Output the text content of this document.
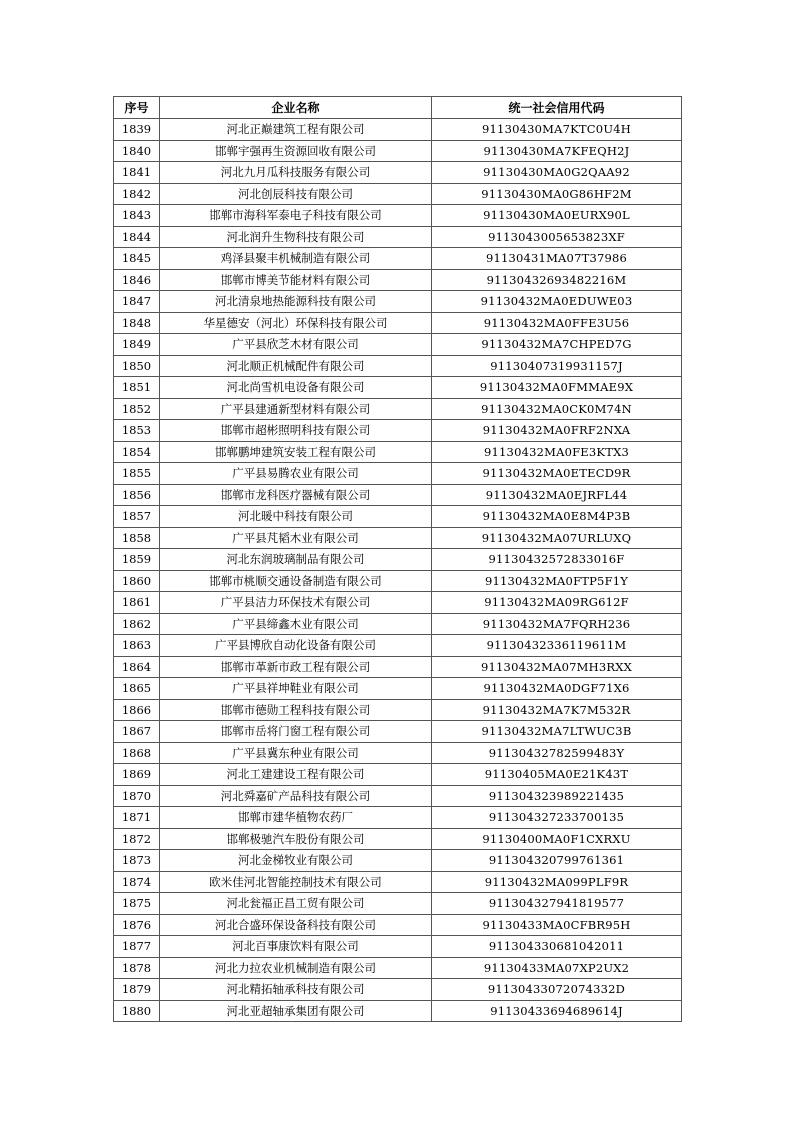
序号	企业名称	统一社会信用代码
1839	河北正巅建筑工程有限公司	91130430MA7KTC0U4H
1840	邯郸宇强再生资源回收有限公司	91130430MA7KFEQH2J
1841	河北九月瓜科技服务有限公司	91130430MA0G2QAA92
1842	河北创辰科技有限公司	91130430MA0G86HF2M
1843	邯郸市海科军泰电子科技有限公司	91130430MA0EURX90L
1844	河北润升生物科技有限公司	9113043005653823XF
1845	鸡泽县聚丰机械制造有限公司	91130431MA07T37986
1846	邯郸市博美节能材料有限公司	91130432693482216M
1847	河北清泉地热能源科技有限公司	91130432MA0EDUWE03
1848	华星德安（河北）环保科技有限公司	91130432MA0FFE3U56
1849	广平县欣芝木材有限公司	91130432MA7CHPED7G
1850	河北顺正机械配件有限公司	91130407319931157J
1851	河北尚雪机电设备有限公司	91130432MA0FMMAE9X
1852	广平县建通新型材料有限公司	91130432MA0CK0M74N
1853	邯郸市超彬照明科技有限公司	91130432MA0FRF2NXA
1854	邯郸鹏坤建筑安装工程有限公司	91130432MA0FE3KTX3
1855	广平县易腾农业有限公司	91130432MA0ETECD9R
1856	邯郸市龙科医疗器械有限公司	91130432MA0EJRFL44
1857	河北暖中科技有限公司	91130432MA0E8M4P3B
1858	广平县芃韬木业有限公司	91130432MA07URLUXQ
1859	河北东润玻璃制品有限公司	91130432572833016F
1860	邯郸市桃顺交通设备制造有限公司	91130432MA0FTP5F1Y
1861	广平县洁力环保技术有限公司	91130432MA09RG612F
1862	广平县缔鑫木业有限公司	91130432MA7FQRH236
1863	广平县博欣自动化设备有限公司	91130432336119611M
1864	邯郸市革新市政工程有限公司	91130432MA07MH3RXX
1865	广平县祥坤鞋业有限公司	91130432MA0DGF71X6
1866	邯郸市德勋工程科技有限公司	91130432MA7K7M532R
1867	邯郸市岳将门窗工程有限公司	91130432MA7LTWUC3B
1868	广平县冀东种业有限公司	91130432782599483Y
1869	河北工建建设工程有限公司	91130405MA0E21K43T
1870	河北舜嘉矿产品科技有限公司	911304323989221435
1871	邯郸市建华植物农药厂	911304327233700135
1872	邯郸极驰汽车股份有限公司	91130400MA0F1CXRXU
1873	河北金梯牧业有限公司	911304320799761361
1874	欧米佳河北智能控制技术有限公司	91130432MA099PLF9R
1875	河北瓮福正昌工贸有限公司	911304327941819577
1876	河北合盛环保设备科技有限公司	91130433MA0CFBR95H
1877	河北百事康饮料有限公司	911304330681042011
1878	河北力拉农业机械制造有限公司	91130433MA07XP2UX2
1879	河北精拓轴承科技有限公司	91130433072074332D
1880	河北亚超轴承集团有限公司	91130433694689614J
